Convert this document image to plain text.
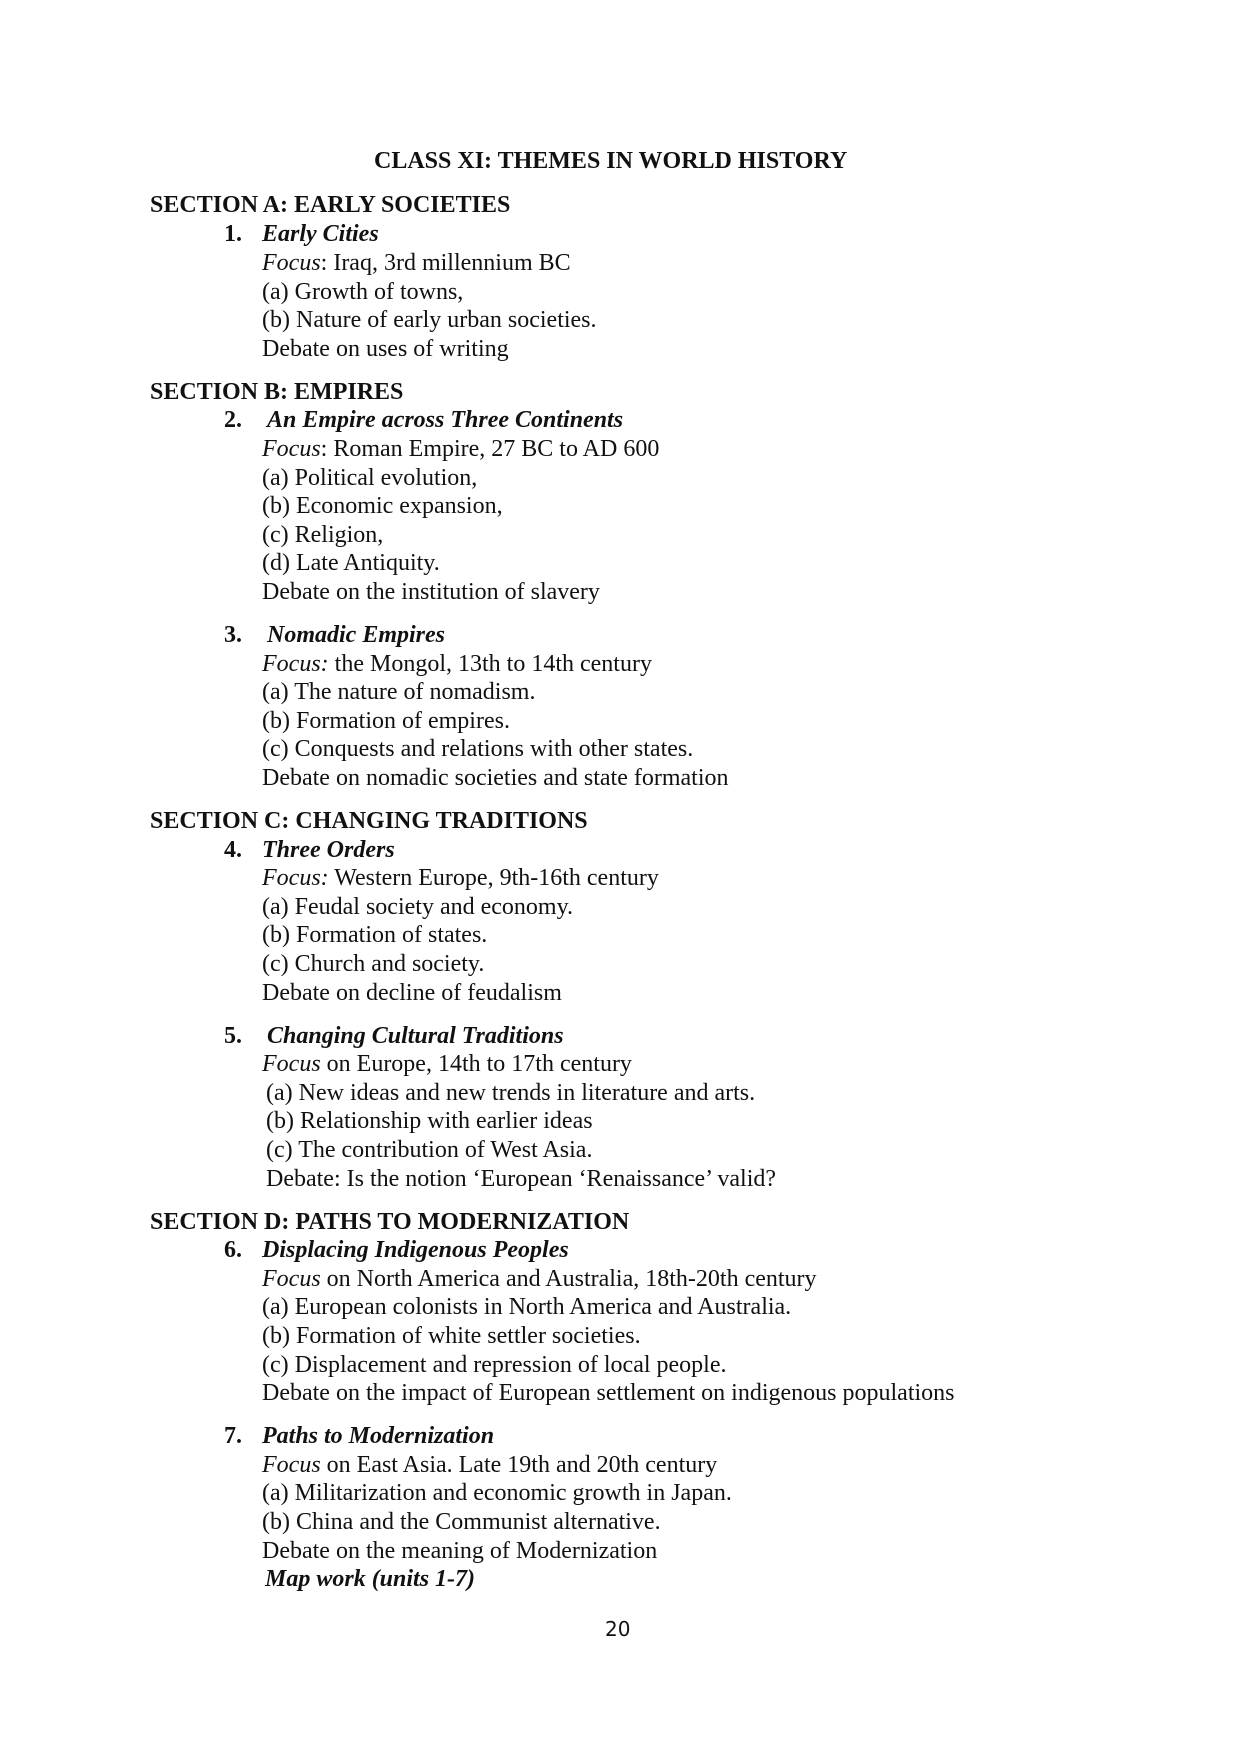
CLASS XI: THEMES IN WORLD HISTORY
SECTION A: EARLY SOCIETIES
1. Early Cities
Focus: Iraq, 3rd millennium BC
(a) Growth of towns,
(b) Nature of early urban societies.
Debate on uses of writing
SECTION B: EMPIRES
2. An Empire across Three Continents
Focus: Roman Empire, 27 BC to AD 600
(a) Political evolution,
(b) Economic expansion,
(c) Religion,
(d) Late Antiquity.
Debate on the institution of slavery
3. Nomadic Empires
Focus: the Mongol, 13th to 14th century
(a) The nature of nomadism.
(b) Formation of empires.
(c) Conquests and relations with other states.
Debate on nomadic societies and state formation
SECTION C: CHANGING TRADITIONS
4. Three Orders
Focus: Western Europe, 9th-16th century
(a) Feudal society and economy.
(b) Formation of states.
(c) Church and society.
Debate on decline of feudalism
5. Changing Cultural Traditions
Focus on Europe, 14th to 17th century
(a) New ideas and new trends in literature and arts.
(b) Relationship with earlier ideas
(c) The contribution of West Asia.
Debate: Is the notion ‘European ‘Renaissance’ valid?
SECTION D: PATHS TO MODERNIZATION
6. Displacing Indigenous Peoples
Focus on North America and Australia, 18th-20th century
(a) European colonists in North America and Australia.
(b) Formation of white settler societies.
(c) Displacement and repression of local people.
Debate on the impact of European settlement on indigenous populations
7. Paths to Modernization
Focus on East Asia. Late 19th and 20th century
(a) Militarization and economic growth in Japan.
(b) China and the Communist alternative.
Debate on the meaning of Modernization
Map work (units 1-7)
20
